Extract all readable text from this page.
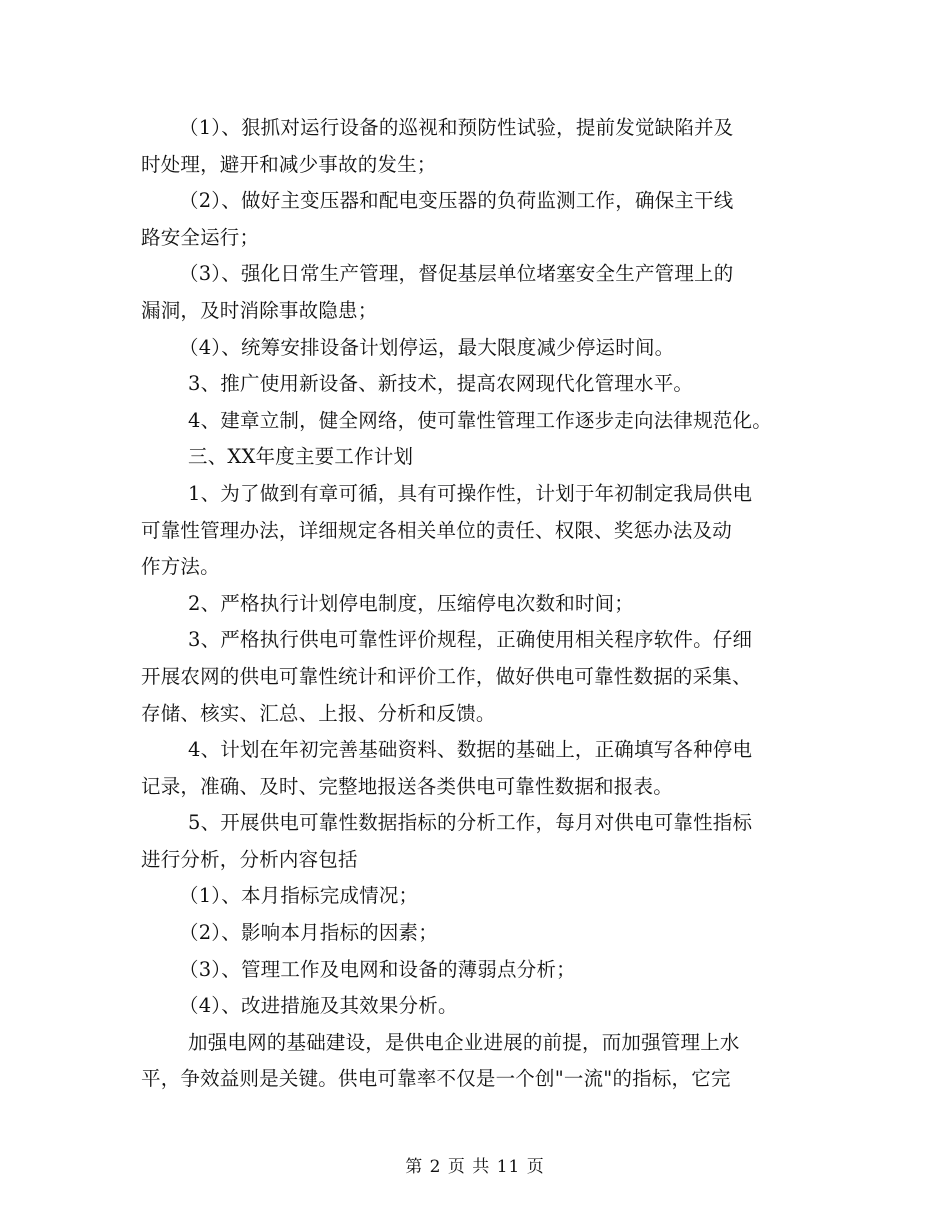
（1）、狠抓对运行设备的巡视和预防性试验，提前发觉缺陷并及
时处理，避开和减少事故的发生；
（2）、做好主变压器和配电变压器的负荷监测工作，确保主干线
路安全运行；
（3）、强化日常生产管理，督促基层单位堵塞安全生产管理上的
漏洞，及时消除事故隐患；
（4）、统筹安排设备计划停运，最大限度减少停运时间。
3、推广使用新设备、新技术，提高农网现代化管理水平。
4、建章立制，健全网络，使可靠性管理工作逐步走向法律规范化。
三、XX年度主要工作计划
1、为了做到有章可循，具有可操作性，计划于年初制定我局供电
可靠性管理办法，详细规定各相关单位的责任、权限、奖惩办法及动
作方法。
2、严格执行计划停电制度，压缩停电次数和时间；
3、严格执行供电可靠性评价规程，正确使用相关程序软件。仔细
开展农网的供电可靠性统计和评价工作，做好供电可靠性数据的采集、
存储、核实、汇总、上报、分析和反馈。
4、计划在年初完善基础资料、数据的基础上，正确填写各种停电
记录，准确、及时、完整地报送各类供电可靠性数据和报表。
5、开展供电可靠性数据指标的分析工作，每月对供电可靠性指标
进行分析，分析内容包括
（1）、本月指标完成情况；
（2）、影响本月指标的因素；
（3）、管理工作及电网和设备的薄弱点分析；
（4）、改进措施及其效果分析。
加强电网的基础建设，是供电企业进展的前提，而加强管理上水
平，争效益则是关键。供电可靠率不仅是一个创"一流"的指标，它完
第 2 页 共 11 页
